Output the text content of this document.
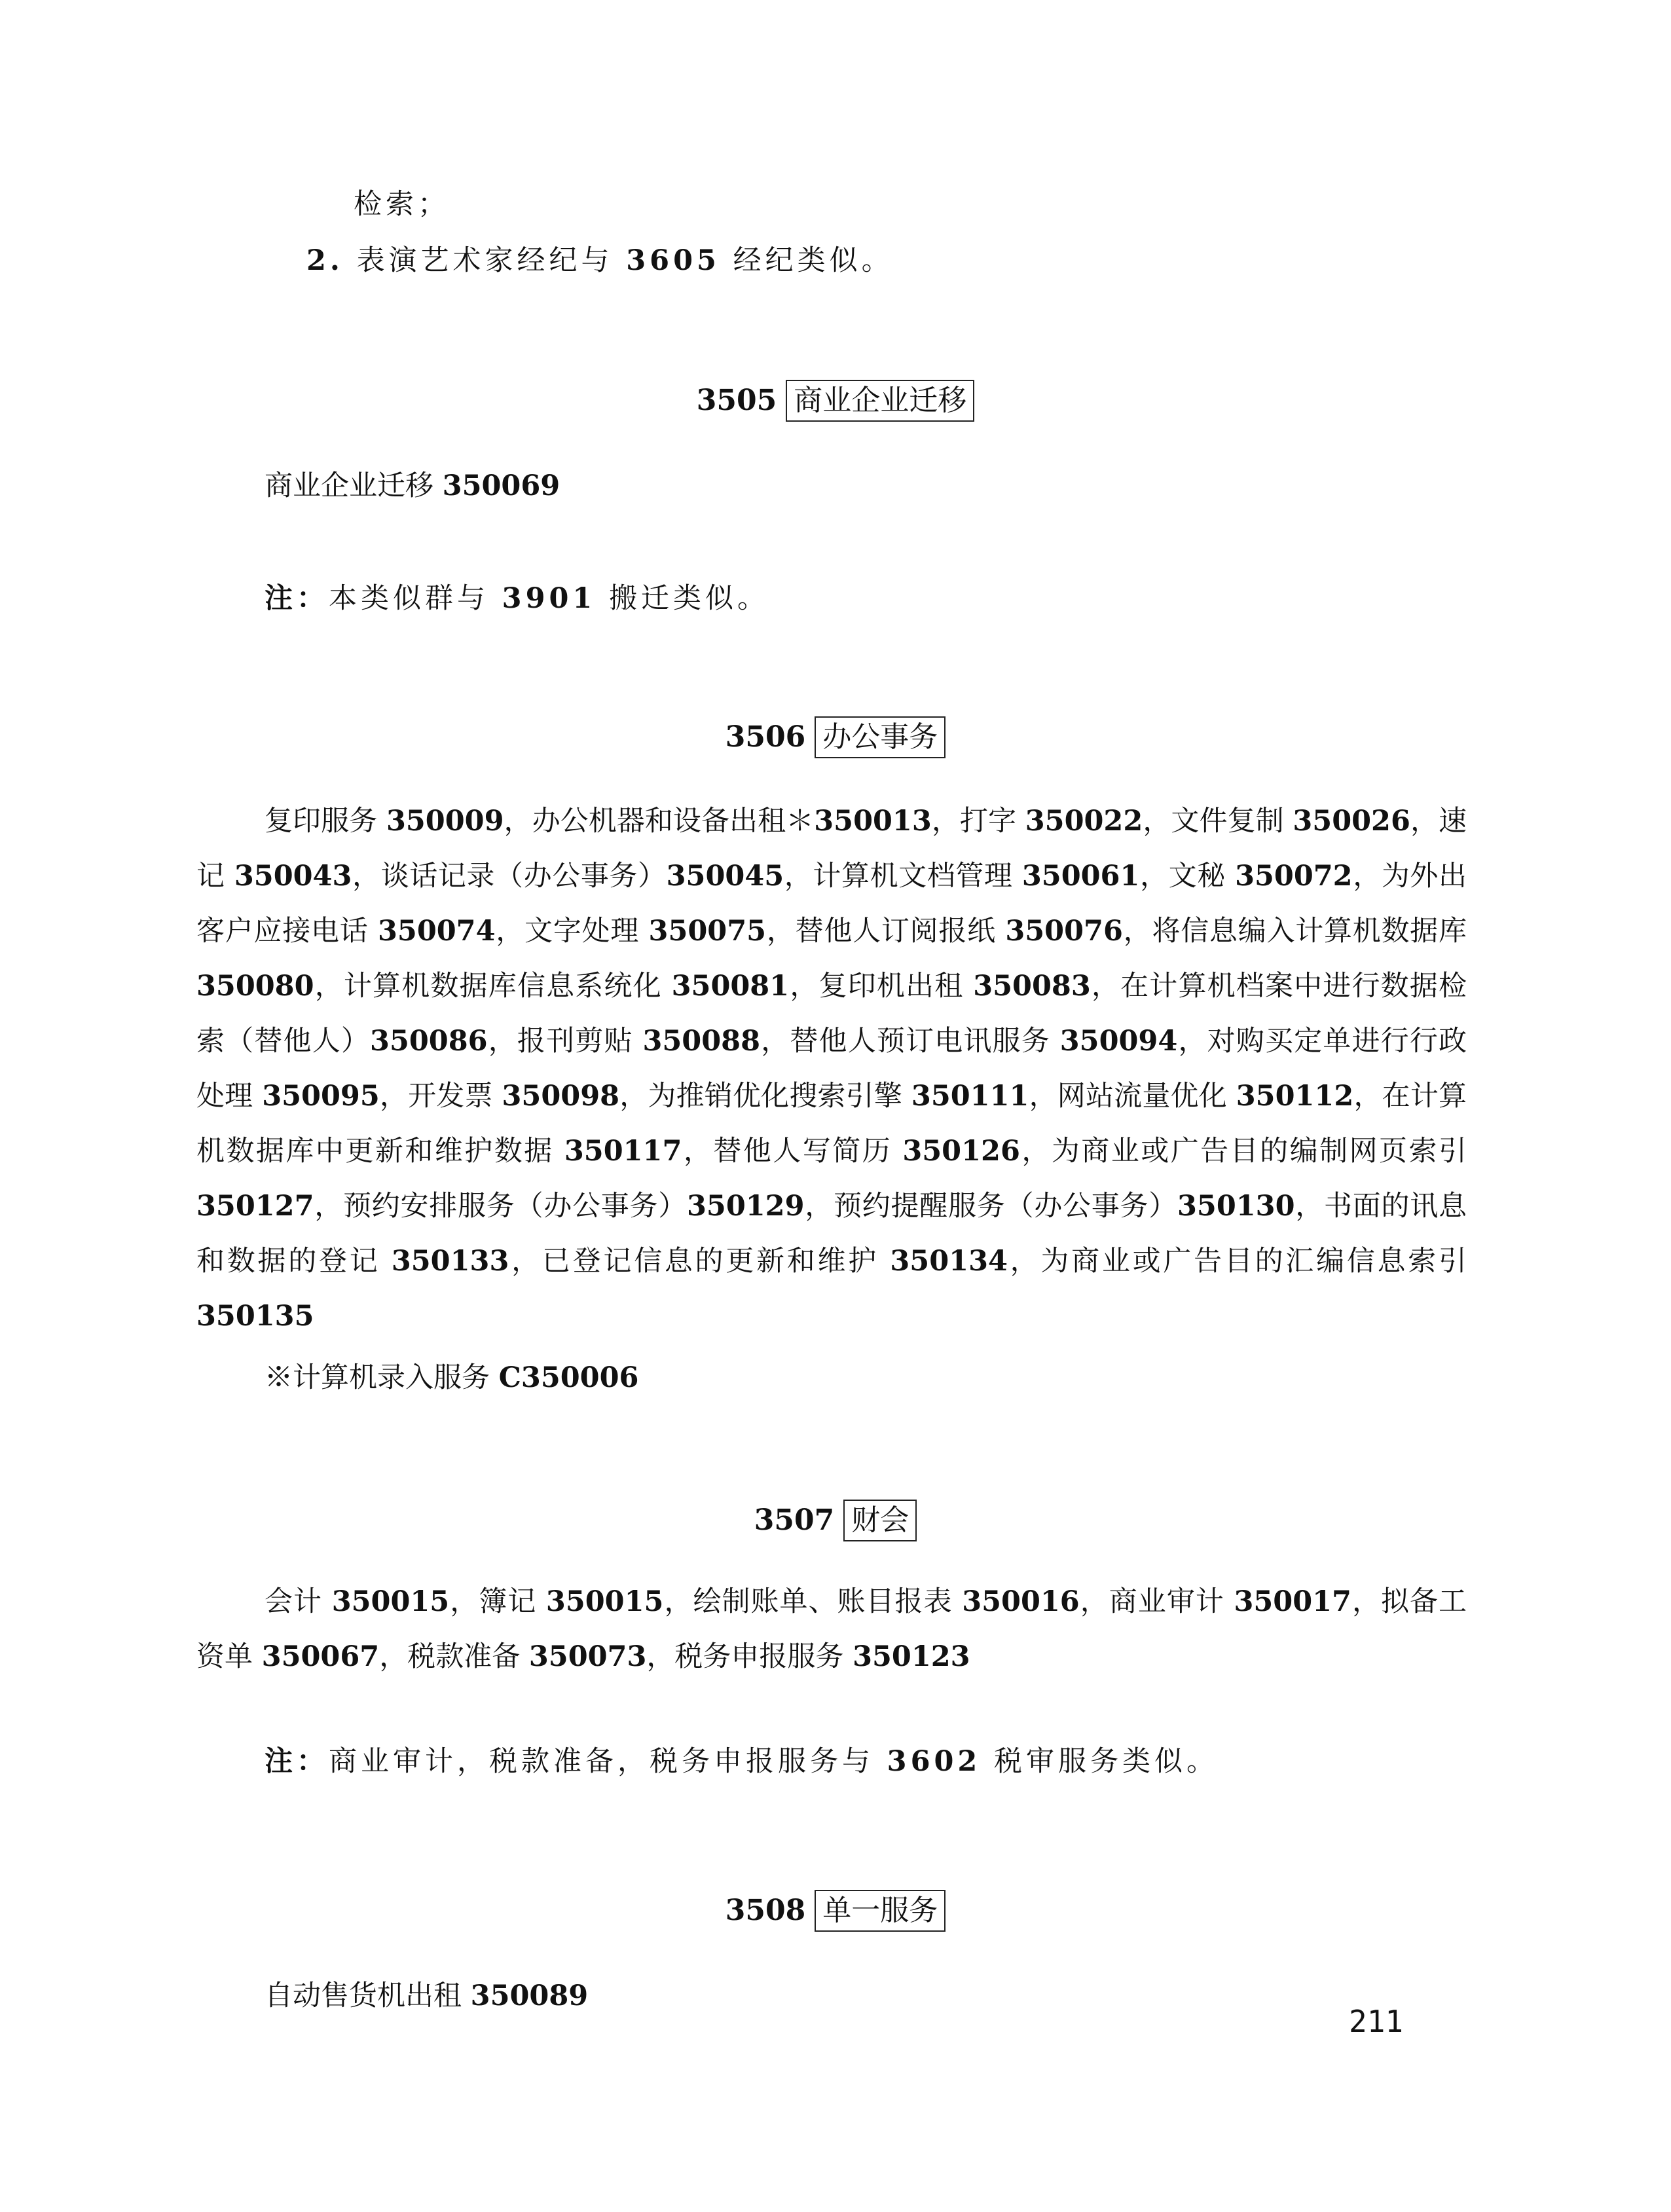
检索；
2. 表演艺术家经纪与 3605 经纪类似。
3505 商业企业迁移
商业企业迁移 350069
注：本类似群与 3901 搬迁类似。
3506 办公事务
复印服务 350009，办公机器和设备出租＊350013，打字 350022，文件复制 350026，速记 350043，谈话记录（办公事务）350045，计算机文档管理 350061，文秘 350072，为外出客户应接电话 350074，文字处理 350075，替他人订阅报纸 350076，将信息编入计算机数据库 350080，计算机数据库信息系统化 350081，复印机出租 350083，在计算机档案中进行数据检索（替他人）350086，报刊剪贴 350088，替他人预订电讯服务 350094，对购买定单进行行政处理 350095，开发票 350098，为推销优化搜索引擎 350111，网站流量优化 350112，在计算机数据库中更新和维护数据 350117，替他人写简历 350126，为商业或广告目的编制网页索引 350127，预约安排服务（办公事务）350129，预约提醒服务（办公事务）350130，书面的讯息和数据的登记 350133，已登记信息的更新和维护 350134，为商业或广告目的汇编信息索引 350135
※计算机录入服务 C350006
3507 财会
会计 350015，簿记 350015，绘制账单、账目报表 350016，商业审计 350017，拟备工资单 350067，税款准备 350073，税务申报服务 350123
注：商业审计，税款准备，税务申报服务与 3602 税审服务类似。
3508 单一服务
自动售货机出租 350089
211
